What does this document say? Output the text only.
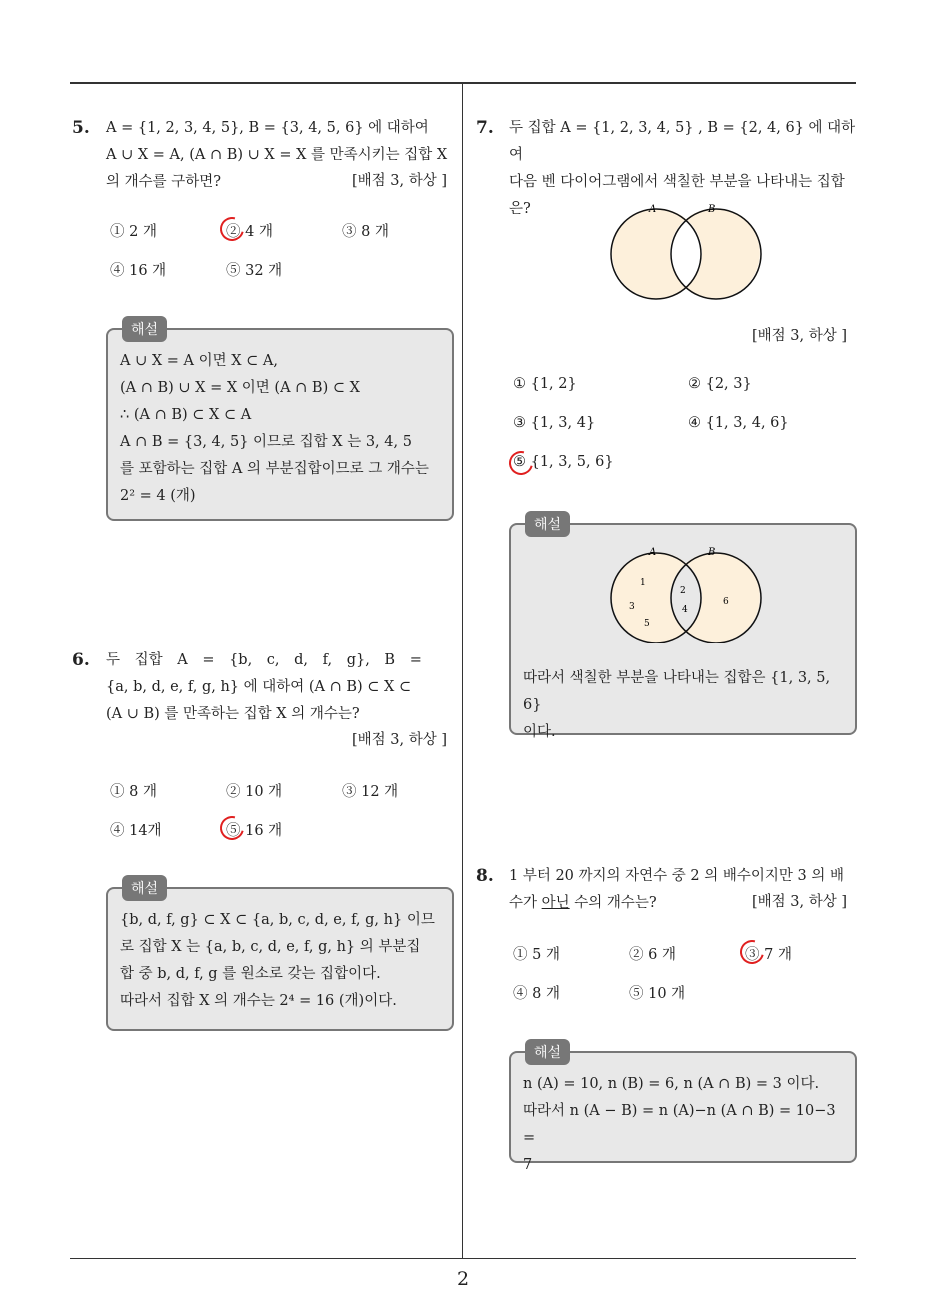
5. A = {1, 2, 3, 4, 5}, B = {3, 4, 5, 6} 에 대하여
A ∪ X = A, (A ∩ B) ∪ X = X 를 만족시키는 집합 X
의 개수를 구하면?	[배점 3, 하상 ]
① 2 개	② 4 개	③ 8 개
④ 16 개	⑤ 32 개
해설
A ∪ X = A 이면 X ⊂ A,
(A ∩ B) ∪ X = X 이면 (A ∩ B) ⊂ X
∴ (A ∩ B) ⊂ X ⊂ A
A ∩ B = {3, 4, 5} 이므로 집합 X 는 3, 4, 5
를 포함하는 집합 A 의 부분집합이므로 그 개수는
2² = 4 (개)
6. 두 집합 A = {b, c, d, f, g}, B =
{a, b, d, e, f, g, h} 에 대하여 (A ∩ B) ⊂ X ⊂
(A ∪ B) 를 만족하는 집합 X 의 개수는?
[배점 3, 하상 ]
① 8 개	② 10 개	③ 12 개
④ 14개	⑤ 16 개
해설
{b, d, f, g} ⊂ X ⊂ {a, b, c, d, e, f, g, h} 이므
로 집합 X 는 {a, b, c, d, e, f, g, h} 의 부분집
합 중 b, d, f, g 를 원소로 갖는 집합이다.
따라서 집합 X 의 개수는 2⁴ = 16 (개)이다.
7. 두 집합 A = {1, 2, 3, 4, 5} , B = {2, 4, 6} 에 대하여
다음 벤 다이어그램에서 색칠한 부분을 나타내는 집합
은?	A	B
[배점 3, 하상 ]
① {1, 2}	② {2, 3}
③ {1, 3, 4}	④ {1, 3, 4, 6}
⑤ {1, 3, 5, 6}
해설
A	B
1
3
5
2
4
6
따라서 색칠한 부분을 나타내는 집합은 {1, 3, 5, 6}
이다.
8. 1 부터 20 까지의 자연수 중 2 의 배수이지만 3 의 배
수가 아닌 수의 개수는?	[배점 3, 하상 ]
① 5 개	② 6 개	③ 7 개
④ 8 개	⑤ 10 개
해설
n (A) = 10, n (B) = 6, n (A ∩ B) = 3 이다.
따라서 n (A − B) = n (A)−n (A ∩ B) = 10−3 =
7
2
